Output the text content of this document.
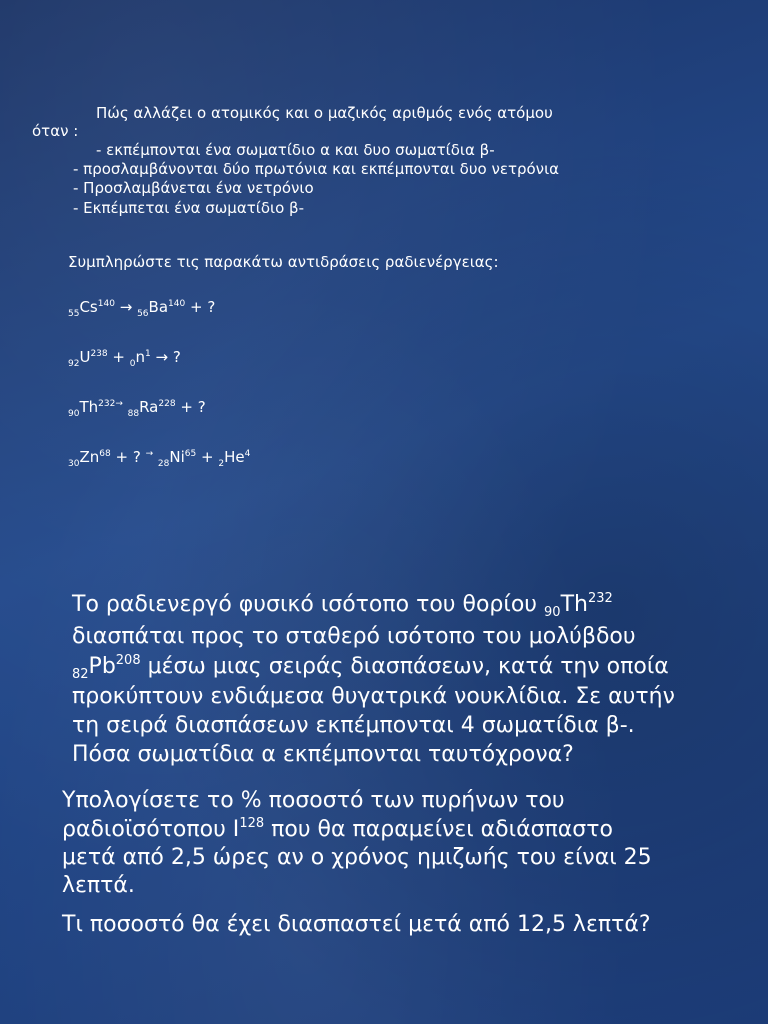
Πώς αλλάζει ο ατομικός και ο μαζικός αριθμός ενός ατόμου
όταν :
- εκπέμπονται ένα σωματίδιο α και δυο σωματίδια β-
- προσλαμβάνονται δύο πρωτόνια και εκπέμπονται δυο νετρόνια
- Προσλαμβάνεται ένα νετρόνιο
- Εκπέμπεται ένα σωματίδιο β-
Συμπληρώστε τις παρακάτω αντιδράσεις ραδιενέργειας:
$_{55}Cs^{140} \to _{56}Ba^{140}$ + ?
$_{92}U^{238} + _0n^1$ → ?
$_{90}Th^{232\to}$ $_{88}Ra^{228}$ + ?
$_{30}Zn^{68}$ + ? → $_{28}Ni^{65} + _2He^4$
Το ραδιενεργό φυσικό ισότοπο του θορίου $_{90}Th^{232}$
διασπάται προς το σταθερό ισότοπο του μολύβδου
$_{82}Pb^{208}$ μέσω μιας σειράς διασπάσεων, κατά την οποία
προκύπτουν ενδιάμεσα θυγατρικά νουκλίδια. Σε αυτήν
τη σειρά διασπάσεων εκπέμπονται 4 σωματίδια β-.
Πόσα σωματίδια α εκπέμπονται ταυτόχρονα?
Υπολογίσετε το % ποσοστό των πυρήνων του
ραδιοϊσότοπου $I^{128}$ που θα παραμείνει αδιάσπαστο
μετά από 2,5 ώρες αν ο χρόνος ημιζωής του είναι 25
λεπτά.
Τι ποσοστό θα έχει διασπαστεί μετά από 12,5 λεπτά?
